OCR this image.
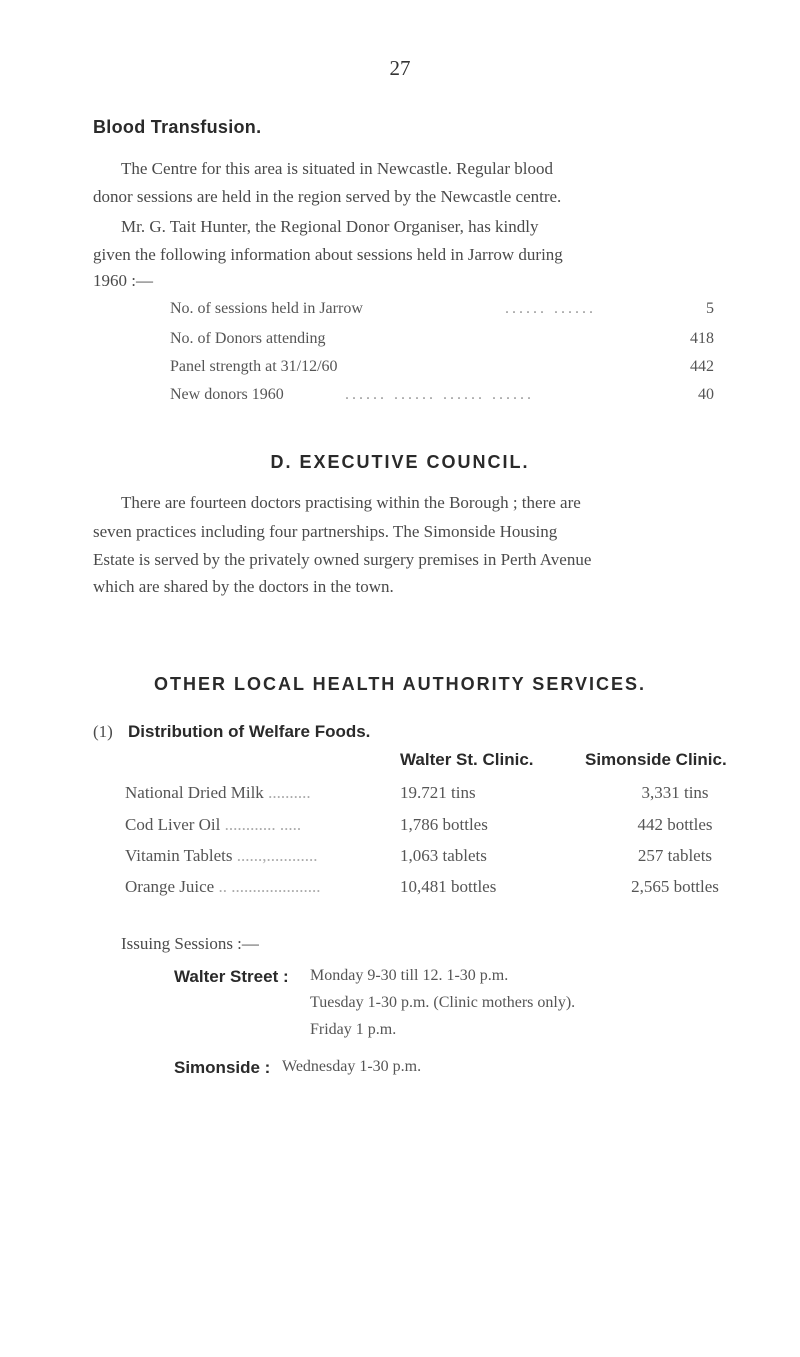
27
Blood Transfusion.
The Centre for this area is situated in Newcastle. Regular blood
donor sessions are held in the region served by the Newcastle centre.
Mr. G. Tait Hunter, the Regional Donor Organiser, has kindly
given the following information about sessions held in Jarrow during
1960 :—
No. of sessions held in Jarrow	...... ......	5
No. of Donors attending	418
Panel strength at 31/12/60	442
New donors 1960	...... ...... ...... ......	40
D. EXECUTIVE COUNCIL.
There are fourteen doctors practising within the Borough ; there are
seven practices including four partnerships. The Simonside Housing
Estate is served by the privately owned surgery premises in Perth Avenue
which are shared by the doctors in the town.
OTHER LOCAL HEALTH AUTHORITY SERVICES.
(1) Distribution of Welfare Foods.
Walter St. Clinic.	Simonside Clinic.
National Dried Milk ..........	19.721 tins	3,331 tins
Cod Liver Oil ............ .....	1,786 bottles	442 bottles
Vitamin Tablets ......,............	1,063 tablets	257 tablets
Orange Juice .. .....................	10,481 bottles	2,565 bottles
Issuing Sessions :—
Walter Street : Monday 9-30 till 12. 1-30 p.m.
Tuesday 1-30 p.m. (Clinic mothers only).
Friday 1 p.m.
Simonside : Wednesday 1-30 p.m.
